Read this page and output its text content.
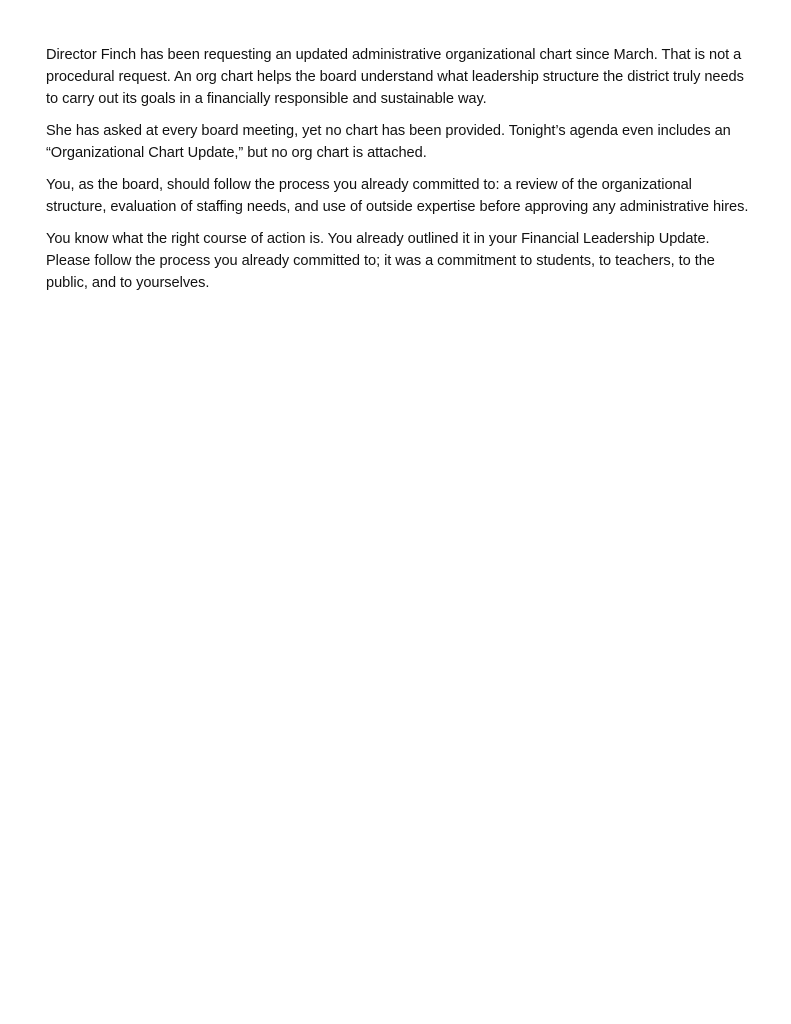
Director Finch has been requesting an updated administrative organizational chart since March. That is not a procedural request. An org chart helps the board understand what leadership structure the district truly needs to carry out its goals in a financially responsible and sustainable way.

She has asked at every board meeting, yet no chart has been provided. Tonight’s agenda even includes an “Organizational Chart Update,” but no org chart is attached.

You, as the board, should follow the process you already committed to: a review of the organizational structure, evaluation of staffing needs, and use of outside expertise before approving any administrative hires.

You know what the right course of action is. You already outlined it in your Financial Leadership Update. Please follow the process you already committed to; it was a commitment to students, to teachers, to the public, and to yourselves.
